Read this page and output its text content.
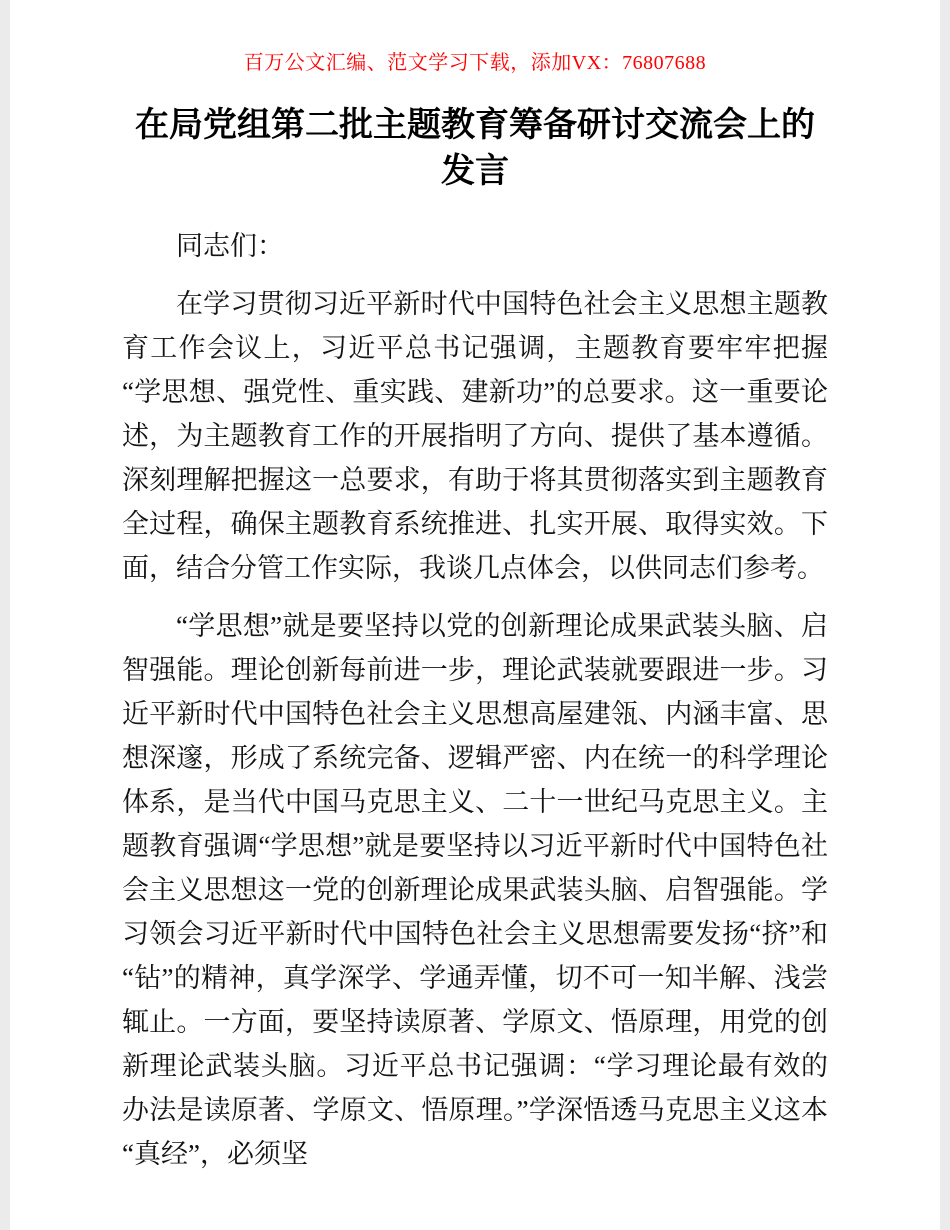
百万公文汇编、范文学习下载，添加VX：76807688
在局党组第二批主题教育筹备研讨交流会上的发言

同志们：

在学习贯彻习近平新时代中国特色社会主义思想主题教育工作会议上，习近平总书记强调，主题教育要牢牢把握“学思想、强党性、重实践、建新功”的总要求。这一重要论述，为主题教育工作的开展指明了方向、提供了基本遵循。深刻理解把握这一总要求，有助于将其贯彻落实到主题教育全过程，确保主题教育系统推进、扎实开展、取得实效。下面，结合分管工作实际，我谈几点体会，以供同志们参考。

“学思想”就是要坚持以党的创新理论成果武装头脑、启智强能。理论创新每前进一步，理论武装就要跟进一步。习近平新时代中国特色社会主义思想高屋建瓴、内涵丰富、思想深邃，形成了系统完备、逻辑严密、内在统一的科学理论体系，是当代中国马克思主义、二十一世纪马克思主义。主题教育强调“学思想”就是要坚持以习近平新时代中国特色社会主义思想这一党的创新理论成果武装头脑、启智强能。学习领会习近平新时代中国特色社会主义思想需要发扬“挤”和“钻”的精神，真学深学、学通弄懂，切不可一知半解、浅尝辄止。一方面，要坚持读原著、学原文、悟原理，用党的创新理论武装头脑。习近平总书记强调：“学习理论最有效的办法是读原著、学原文、悟原理。”学深悟透马克思主义这本“真经”，必须坚
